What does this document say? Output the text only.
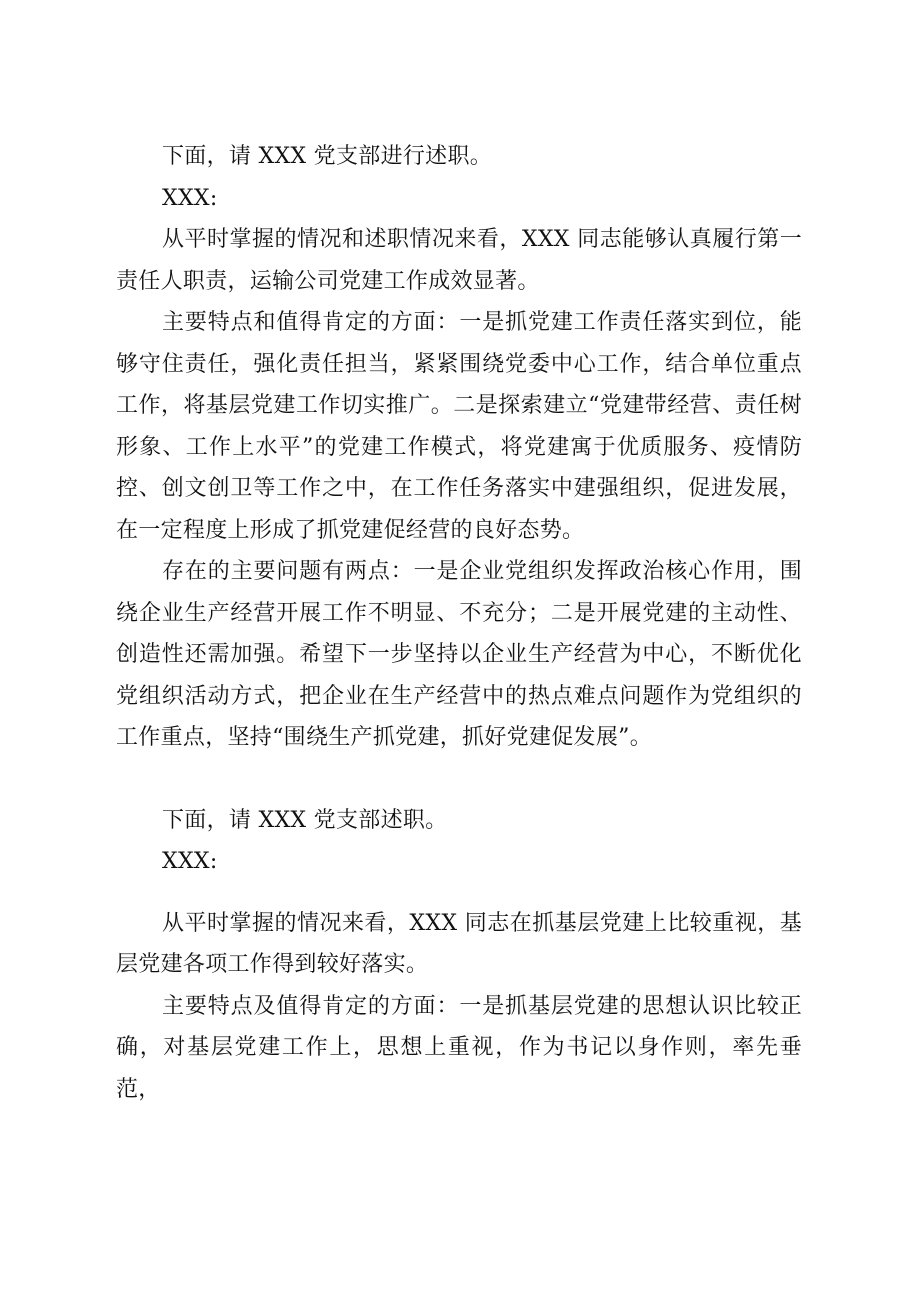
下面，请 XXX 党支部进行述职。

XXX:

从平时掌握的情况和述职情况来看，XXX 同志能够认真履行第一责任人职责，运输公司党建工作成效显著。

主要特点和值得肯定的方面：一是抓党建工作责任落实到位，能够守住责任，强化责任担当，紧紧围绕党委中心工作，结合单位重点工作，将基层党建工作切实推广。二是探索建立“党建带经营、责任树形象、工作上水平”的党建工作模式，将党建寓于优质服务、疫情防控、创文创卫等工作之中，在工作任务落实中建强组织，促进发展，在一定程度上形成了抓党建促经营的良好态势。

存在的主要问题有两点：一是企业党组织发挥政治核心作用，围绕企业生产经营开展工作不明显、不充分；二是开展党建的主动性、创造性还需加强。希望下一步坚持以企业生产经营为中心，不断优化党组织活动方式，把企业在生产经营中的热点难点问题作为党组织的工作重点，坚持“围绕生产抓党建，抓好党建促发展”。

下面，请 XXX 党支部述职。

XXX:

从平时掌握的情况来看，XXX 同志在抓基层党建上比较重视，基层党建各项工作得到较好落实。

主要特点及值得肯定的方面：一是抓基层党建的思想认识比较正确，对基层党建工作上，思想上重视，作为书记以身作则，率先垂范，
